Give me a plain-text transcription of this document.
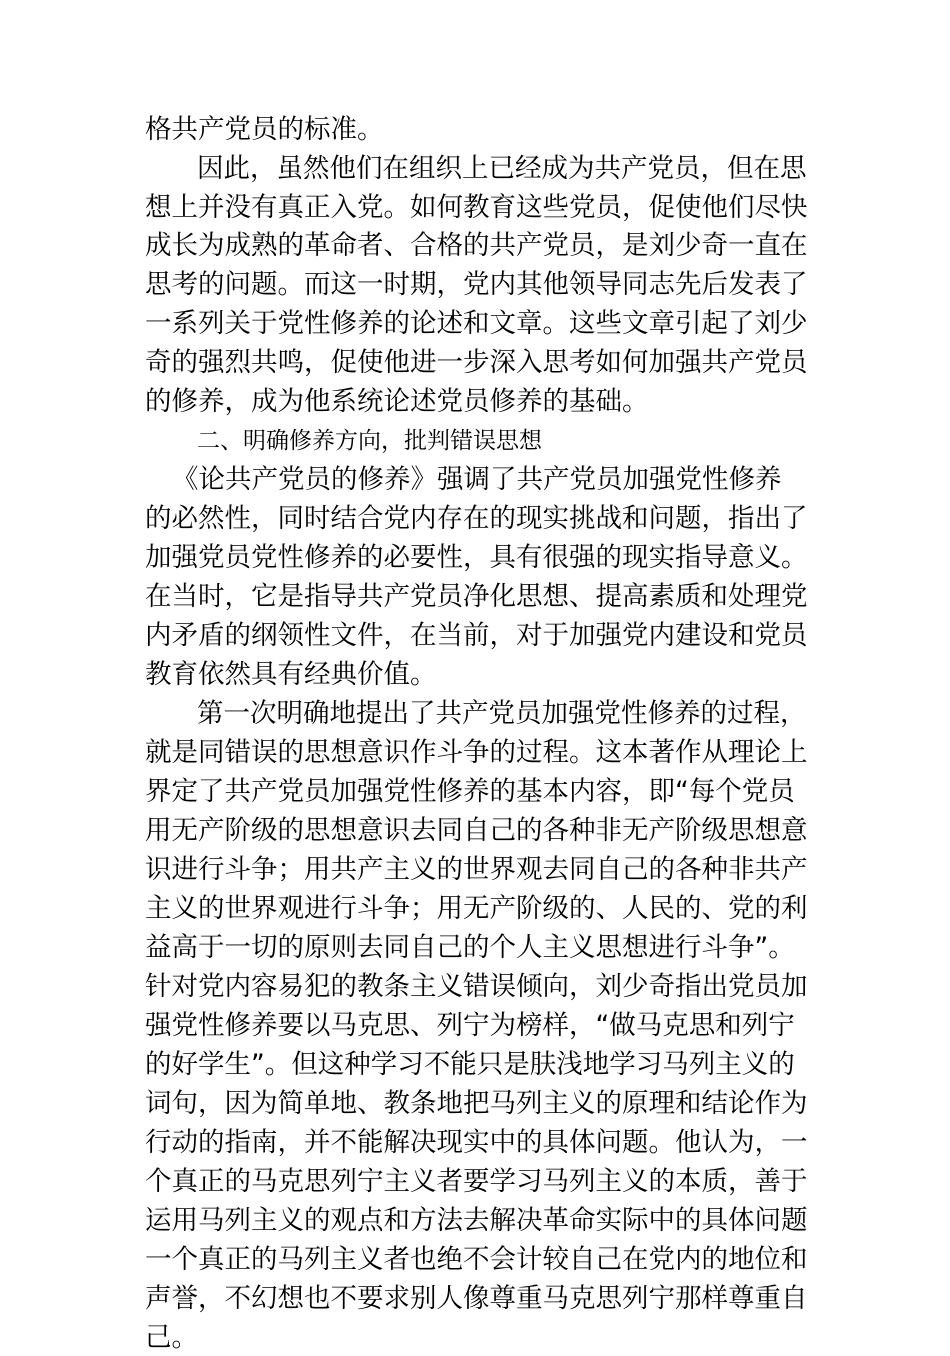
格共产党员的标准。
因此，虽然他们在组织上已经成为共产党员，但在思
想上并没有真正入党。如何教育这些党员，促使他们尽快
成长为成熟的革命者、合格的共产党员，是刘少奇一直在
思考的问题。而这一时期，党内其他领导同志先后发表了
一系列关于党性修养的论述和文章。这些文章引起了刘少
奇的强烈共鸣，促使他进一步深入思考如何加强共产党员
的修养，成为他系统论述党员修养的基础。
二、明确修养方向，批判错误思想
《论共产党员的修养》强调了共产党员加强党性修养
的必然性，同时结合党内存在的现实挑战和问题，指出了
加强党员党性修养的必要性，具有很强的现实指导意义。
在当时，它是指导共产党员净化思想、提高素质和处理党
内矛盾的纲领性文件，在当前，对于加强党内建设和党员
教育依然具有经典价值。
第一次明确地提出了共产党员加强党性修养的过程，
就是同错误的思想意识作斗争的过程。这本著作从理论上
界定了共产党员加强党性修养的基本内容，即“每个党员
用无产阶级的思想意识去同自己的各种非无产阶级思想意
识进行斗争；用共产主义的世界观去同自己的各种非共产
主义的世界观进行斗争；用无产阶级的、人民的、党的利
益高于一切的原则去同自己的个人主义思想进行斗争”。
针对党内容易犯的教条主义错误倾向，刘少奇指出党员加
强党性修养要以马克思、列宁为榜样，“做马克思和列宁
的好学生”。但这种学习不能只是肤浅地学习马列主义的
词句，因为简单地、教条地把马列主义的原理和结论作为
行动的指南，并不能解决现实中的具体问题。他认为，一
个真正的马克思列宁主义者要学习马列主义的本质，善于
运用马列主义的观点和方法去解决革命实际中的具体问题
一个真正的马列主义者也绝不会计较自己在党内的地位和
声誉，不幻想也不要求别人像尊重马克思列宁那样尊重自
己。
